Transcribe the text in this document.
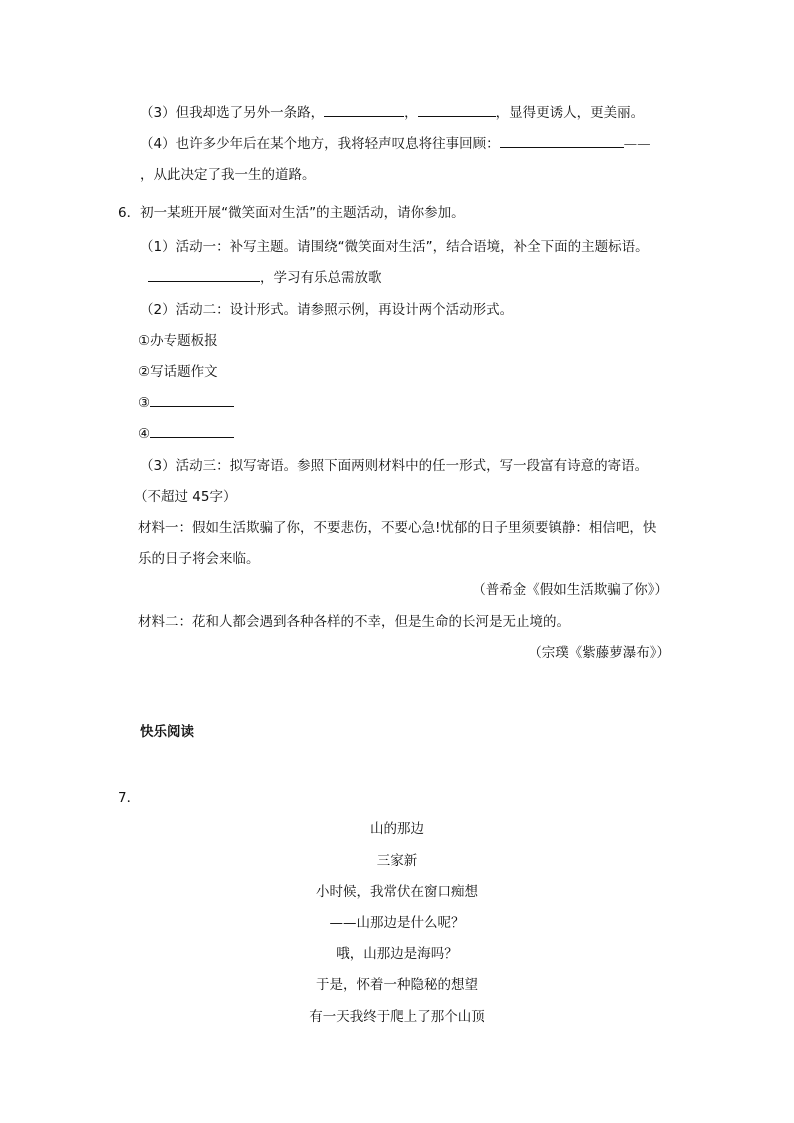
（3）但我却选了另外一条路，	，	，显得更诱人，更美丽。
（4）也许多少年后在某个地方，我将轻声叹息将往事回顾：	——
，从此决定了我一生的道路。
6．初一某班开展“微笑面对生活”的主题活动，请你参加。
（1）活动一：补写主题。请围绕“微笑面对生活”，结合语境，补全下面的主题标语。
，学习有乐总需放歌
（2）活动二：设计形式。请参照示例，再设计两个活动形式。
①办专题板报
②写话题作文
③
④
（3）活动三：拟写寄语。参照下面两则材料中的任一形式，写一段富有诗意的寄语。
（不超过 45字）
材料一：假如生活欺骗了你，不要悲伤，不要心急!忧郁的日子里须要镇静：相信吧，快
乐的日子将会来临。
（普希金《假如生活欺骗了你》）
材料二：花和人都会遇到各种各样的不幸，但是生命的长河是无止境的。
（宗璞《紫藤萝瀑布》）
快乐阅读
7．
山的那边
三家新
小时候，我常伏在窗口痴想
——山那边是什么呢？
哦，山那边是海吗？
于是，怀着一种隐秘的想望
有一天我终于爬上了那个山顶
